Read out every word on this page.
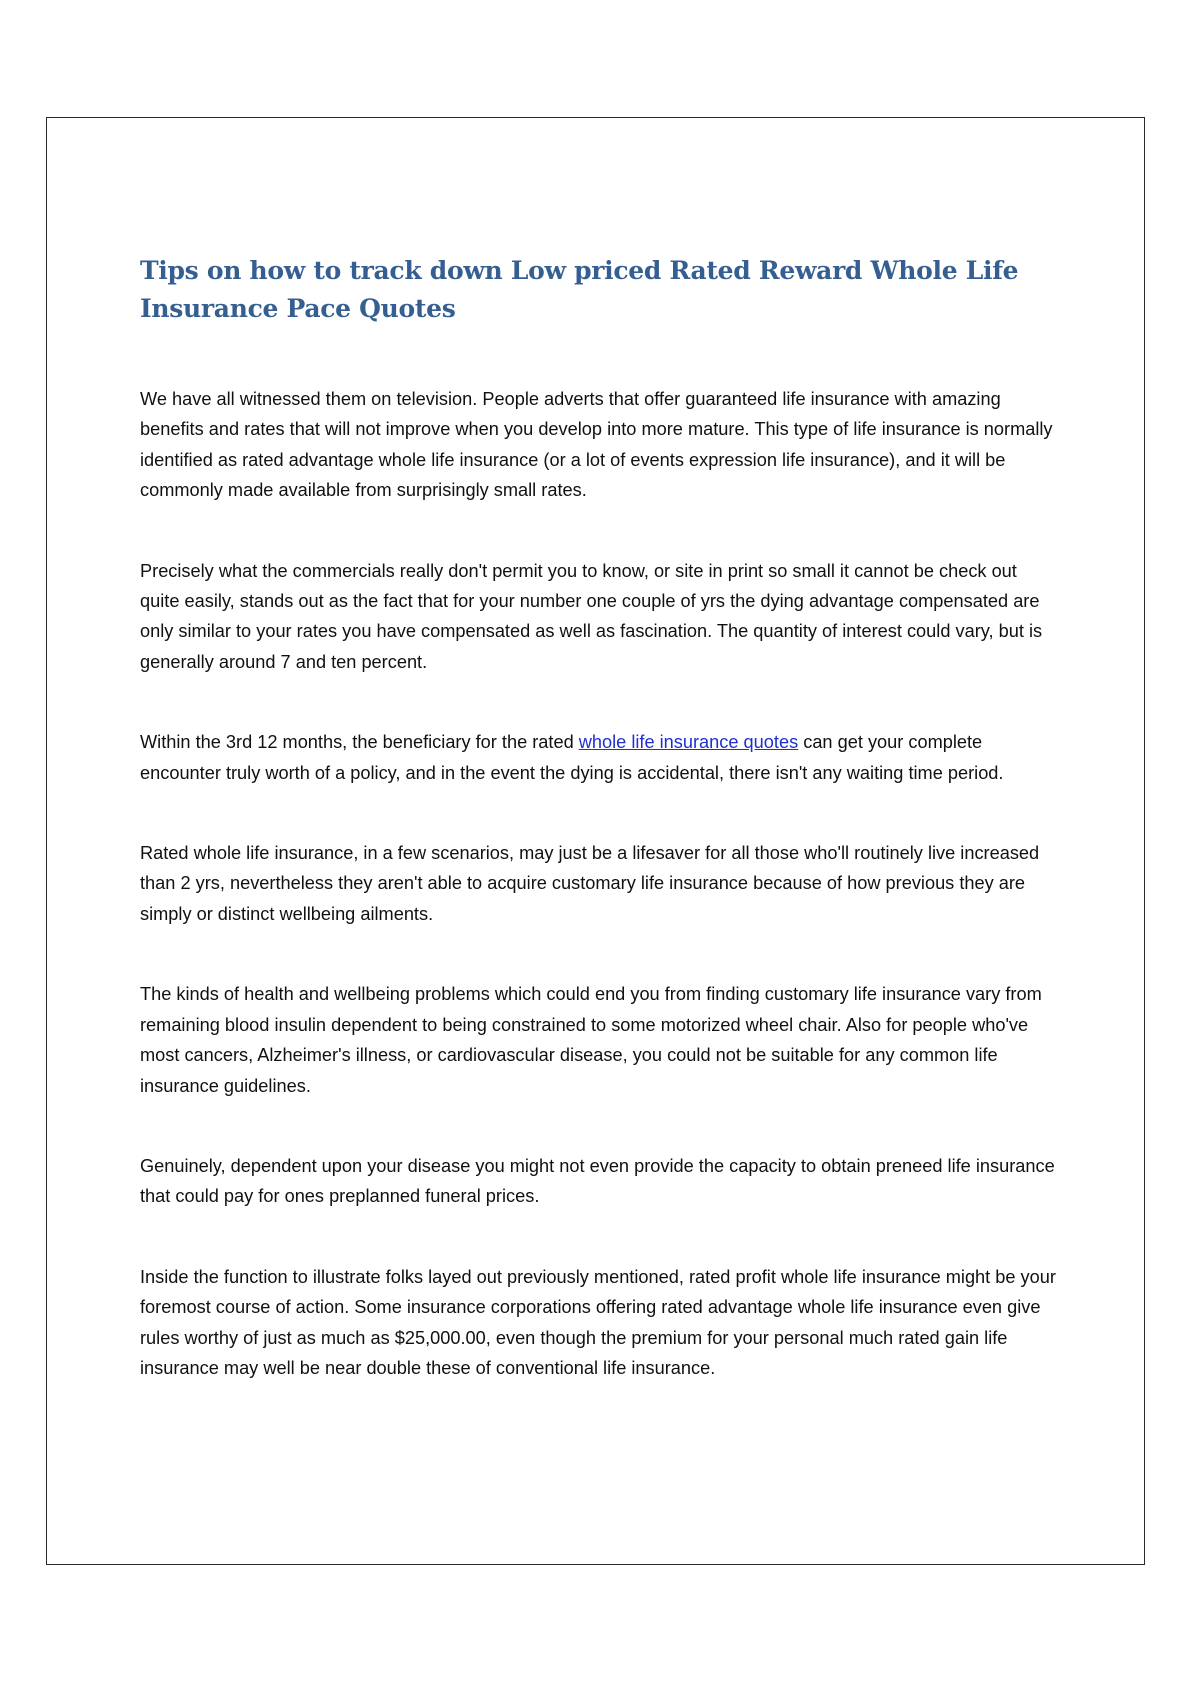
Tips on how to track down Low priced Rated Reward Whole Life Insurance Pace Quotes

We have all witnessed them on television. People adverts that offer guaranteed life insurance with amazing benefits and rates that will not improve when you develop into more mature. This type of life insurance is normally identified as rated advantage whole life insurance (or a lot of events expression life insurance), and it will be commonly made available from surprisingly small rates.

Precisely what the commercials really don't permit you to know, or site in print so small it cannot be check out quite easily, stands out as the fact that for your number one couple of yrs the dying advantage compensated are only similar to your rates you have compensated as well as fascination. The quantity of interest could vary, but is generally around 7 and ten percent.

Within the 3rd 12 months, the beneficiary for the rated whole life insurance quotes can get your complete encounter truly worth of a policy, and in the event the dying is accidental, there isn't any waiting time period.

Rated whole life insurance, in a few scenarios, may just be a lifesaver for all those who'll routinely live increased than 2 yrs, nevertheless they aren't able to acquire customary life insurance because of how previous they are simply or distinct wellbeing ailments.

The kinds of health and wellbeing problems which could end you from finding customary life insurance vary from remaining blood insulin dependent to being constrained to some motorized wheel chair. Also for people who've most cancers, Alzheimer's illness, or cardiovascular disease, you could not be suitable for any common life insurance guidelines.

Genuinely, dependent upon your disease you might not even provide the capacity to obtain preneed life insurance that could pay for ones preplanned funeral prices.

Inside the function to illustrate folks layed out previously mentioned, rated profit whole life insurance might be your foremost course of action. Some insurance corporations offering rated advantage whole life insurance even give rules worthy of just as much as $25,000.00, even though the premium for your personal much rated gain life insurance may well be near double these of conventional life insurance.
